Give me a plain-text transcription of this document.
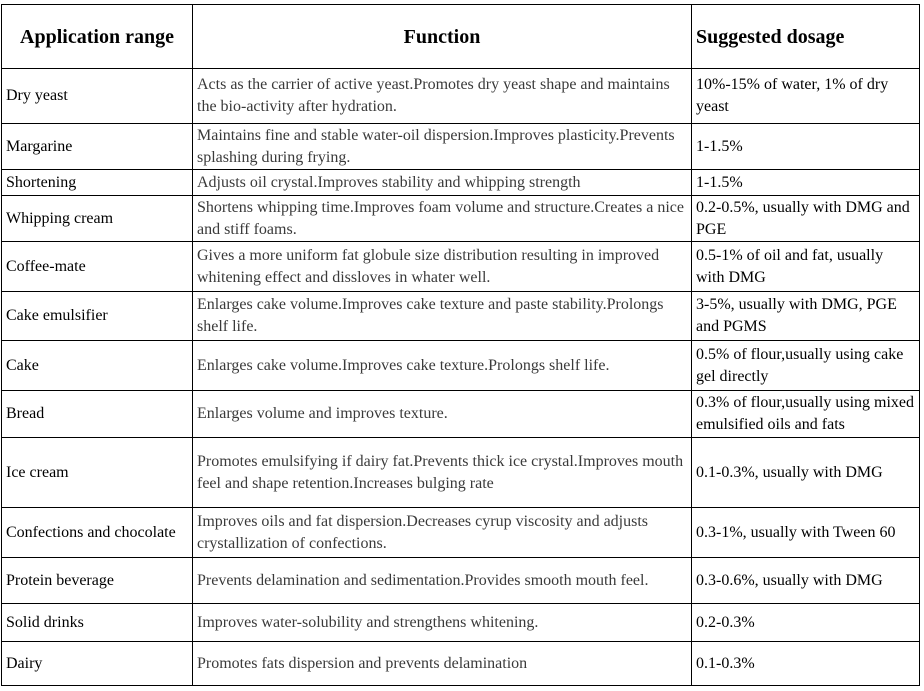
Application range	Function	Suggested dosage
Dry yeast	Acts as the carrier of active yeast.Promotes dry yeast shape and maintains the bio-activity after hydration.	10%-15% of water, 1% of dry yeast
Margarine	Maintains fine and stable water-oil dispersion.Improves plasticity.Prevents splashing during frying.	1-1.5%
Shortening	Adjusts oil crystal.Improves stability and whipping strength	1-1.5%
Whipping cream	Shortens whipping time.Improves foam volume and structure.Creates a nice and stiff foams.	0.2-0.5%, usually with DMG and PGE
Coffee-mate	Gives a more uniform fat globule size distribution resulting in improved whitening effect and dissloves in whater well.	0.5-1% of oil and fat, usually with DMG
Cake emulsifier	Enlarges cake volume.Improves cake texture and paste stability.Prolongs shelf life.	3-5%, usually with DMG, PGE and PGMS
Cake	Enlarges cake volume.Improves cake texture.Prolongs shelf life.	0.5% of flour,usually using cake gel directly
Bread	Enlarges volume and improves texture.	0.3% of flour,usually using mixed emulsified oils and fats
Ice cream	Promotes emulsifying if dairy fat.Prevents thick ice crystal.Improves mouth feel and shape retention.Increases bulging rate	0.1-0.3%, usually with DMG
Confections and chocolate	Improves oils and fat dispersion.Decreases cyrup viscosity and adjusts crystallization of confections.	0.3-1%, usually with Tween 60
Protein beverage	Prevents delamination and sedimentation.Provides smooth mouth feel.	0.3-0.6%, usually with DMG
Solid drinks	Improves water-solubility and strengthens whitening.	0.2-0.3%
Dairy	Promotes fats dispersion and prevents delamination	0.1-0.3%
